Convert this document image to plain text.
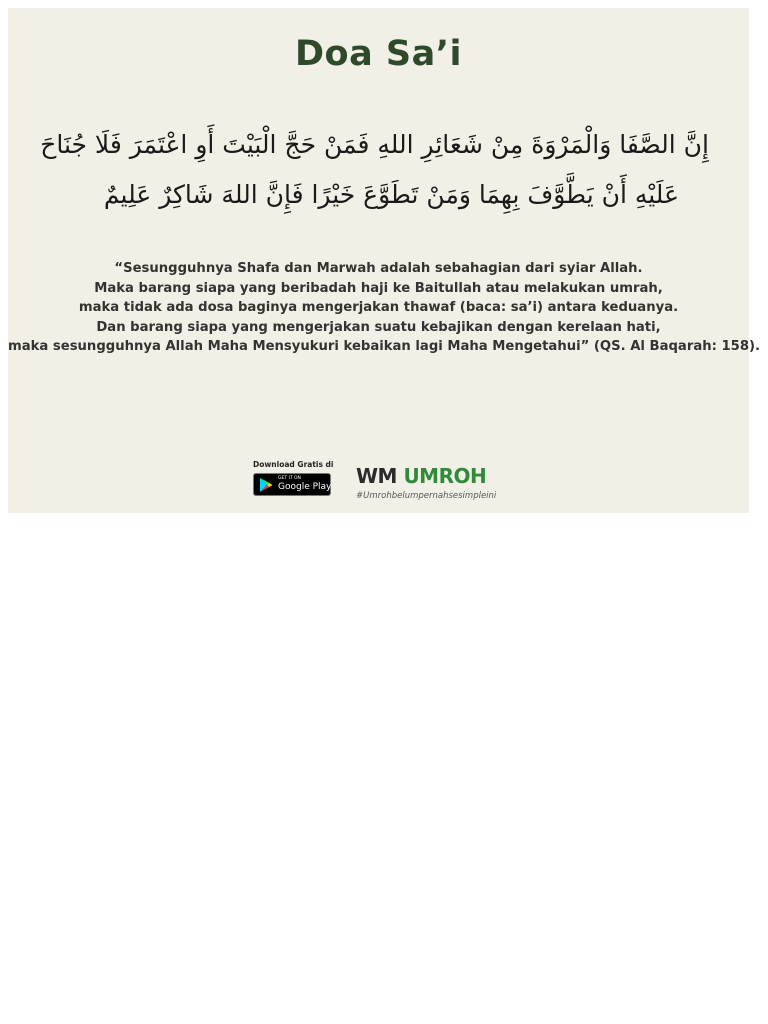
Doa Sa’i
إِنَّ الصَّفَا وَالْمَرْوَةَ مِنْ شَعَائِرِ اللهِ فَمَنْ حَجَّ الْبَيْتَ أَوِ اعْتَمَرَ فَلَا جُنَاحَ
عَلَيْهِ أَنْ يَطَّوَّفَ بِهِمَا وَمَنْ تَطَوَّعَ خَيْرًا فَإِنَّ اللهَ شَاكِرٌ عَلِيمٌ
“Sesungguhnya Shafa dan Marwah adalah sebahagian dari syiar Allah.
Maka barang siapa yang beribadah haji ke Baitullah atau melakukan umrah,
maka tidak ada dosa baginya mengerjakan thawaf (baca: sa’i) antara keduanya.
Dan barang siapa yang mengerjakan suatu kebajikan dengan kerelaan hati,
maka sesungguhnya Allah Maha Mensyukuri kebaikan lagi Maha Mengetahui” (QS. Al Baqarah: 158).
Download Gratis di
GET IT ON
Google Play WM UMROH
#Umrohbelumpernahsesimpleini
